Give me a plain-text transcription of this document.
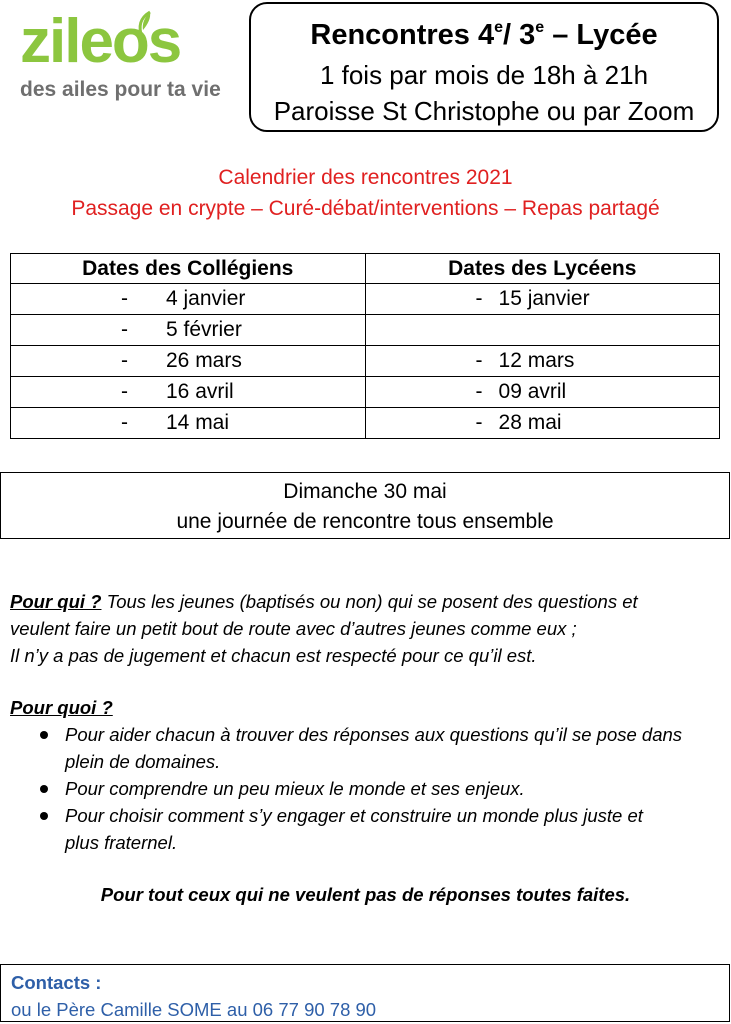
zileos
des ailes pour ta vie
Rencontres 4e/ 3e – Lycée
1 fois par mois de 18h à 21h
Paroisse St Christophe ou par Zoom
Calendrier des rencontres 2021
Passage en crypte – Curé-débat/interventions – Repas partagé
Dates des Collégiens	Dates des Lycéens

- 4 janvier	- 15 janvier

- 5 février	

- 26 mars	- 12 mars

- 16 avril	- 09 avril

- 14 mai	- 28 mai
Dimanche 30 mai
une journée de rencontre tous ensemble
Pour qui ? Tous les jeunes (baptisés ou non) qui se posent des questions et
veulent faire un petit bout de route avec d’autres jeunes comme eux ;
Il n’y a pas de jugement et chacun est respecté pour ce qu’il est.
Pour quoi ?
Pour aider chacun à trouver des réponses aux questions qu’il se pose dans
plein de domaines.
Pour comprendre un peu mieux le monde et ses enjeux.
Pour choisir comment s’y engager et construire un monde plus juste et
plus fraternel.
Pour tout ceux qui ne veulent pas de réponses toutes faites.
Contacts :
ou le Père Camille SOME au 06 77 90 78 90
